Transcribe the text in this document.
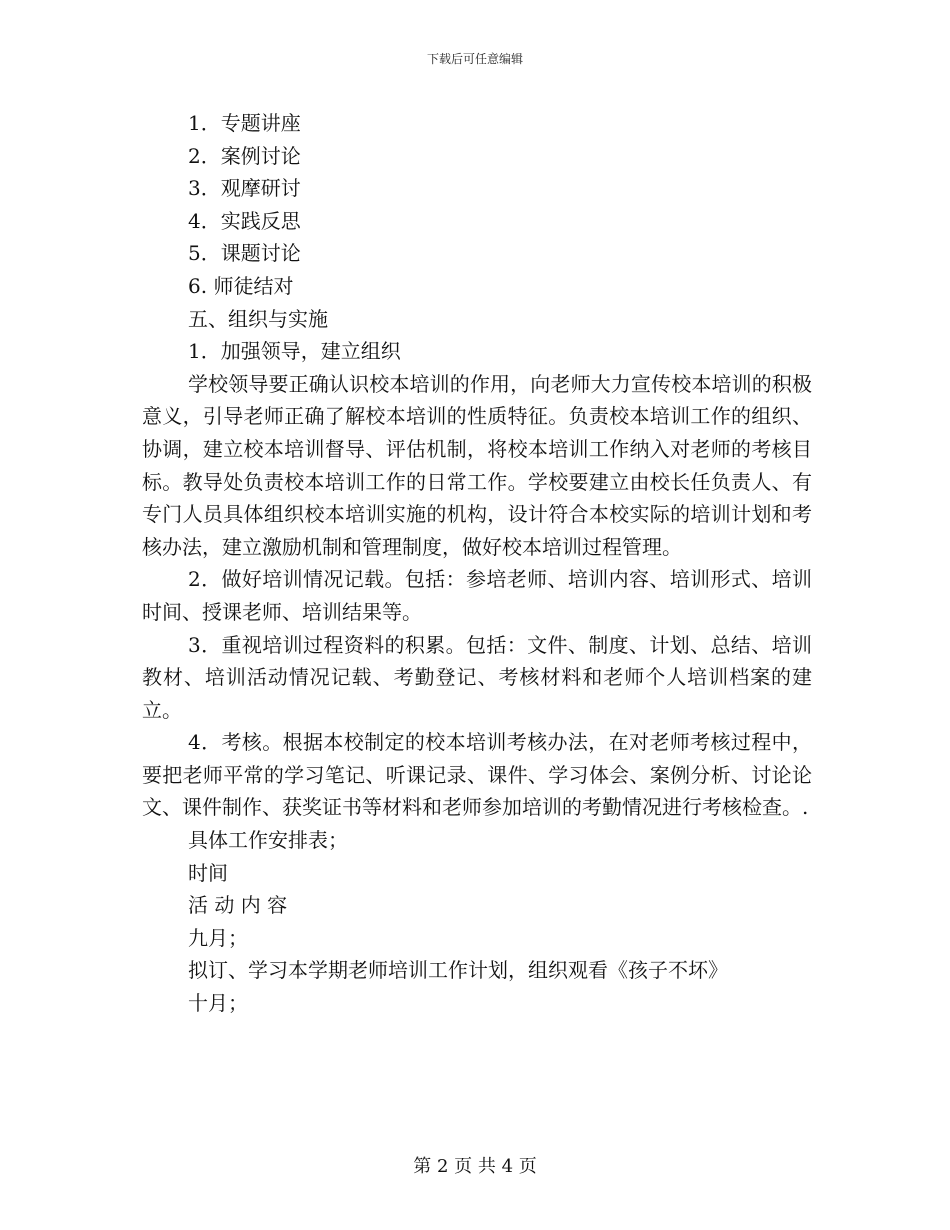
下载后可任意编辑
1．专题讲座
2．案例讨论
3．观摩研讨
4．实践反思
5．课题讨论
6. 师徒结对
五、组织与实施
1．加强领导，建立组织
学校领导要正确认识校本培训的作用，向老师大力宣传校本培训的积极意义，引导老师正确了解校本培训的性质特征。负责校本培训工作的组织、协调，建立校本培训督导、评估机制，将校本培训工作纳入对老师的考核目标。教导处负责校本培训工作的日常工作。学校要建立由校长任负责人、有专门人员具体组织校本培训实施的机构，设计符合本校实际的培训计划和考核办法，建立激励机制和管理制度，做好校本培训过程管理。
2．做好培训情况记载。包括：参培老师、培训内容、培训形式、培训时间、授课老师、培训结果等。
3．重视培训过程资料的积累。包括：文件、制度、计划、总结、培训教材、培训活动情况记载、考勤登记、考核材料和老师个人培训档案的建立。
4．考核。根据本校制定的校本培训考核办法，在对老师考核过程中，要把老师平常的学习笔记、听课记录、课件、学习体会、案例分析、讨论论文、课件制作、获奖证书等材料和老师参加培训的考勤情况进行考核检查。.
具体工作安排表；
时间
活 动 内 容
九月；
拟订、学习本学期老师培训工作计划，组织观看《孩子不坏》
十月；
第 2 页 共 4 页
